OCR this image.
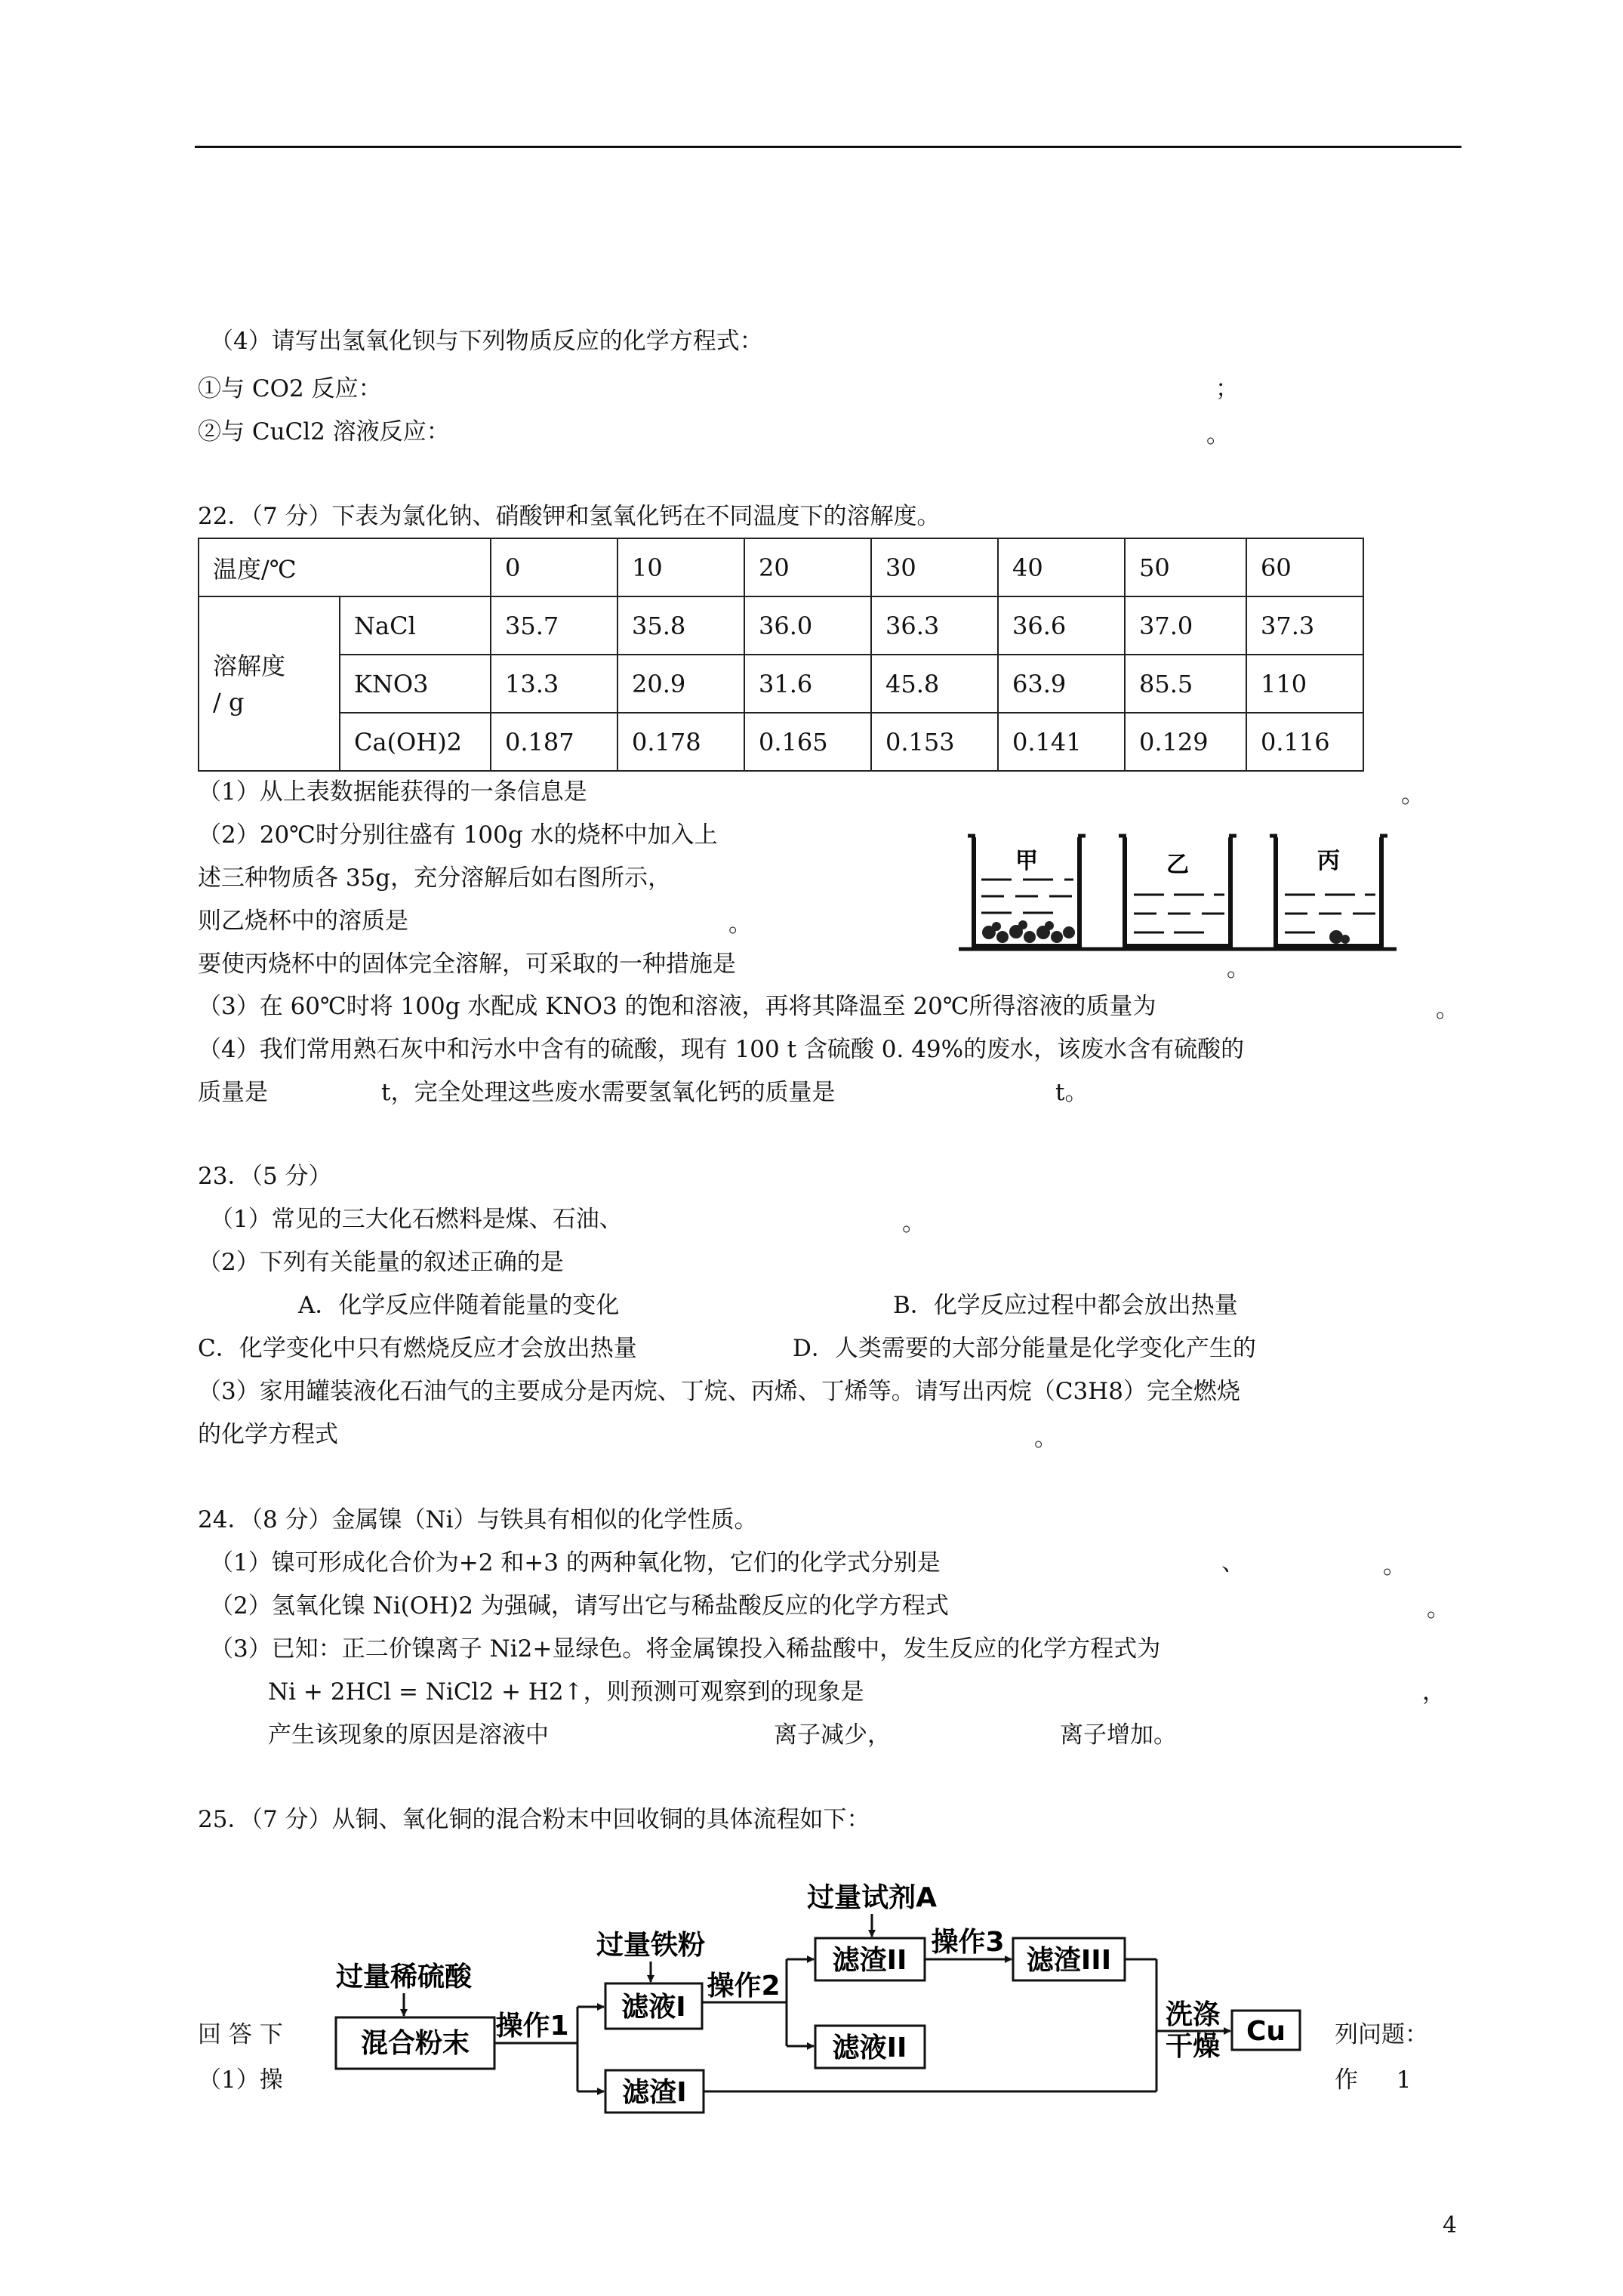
（4）请写出氢氧化钡与下列物质反应的化学方程式：
①与 CO2 反应：	；
②与 CuCl2 溶液反应：	。
22．（7 分）下表为氯化钠、硝酸钾和氢氧化钙在不同温度下的溶解度。
温度/℃		0	10	20	30	40	50	60

溶解度
/ g	NaCl	35.7	35.8	36.0	36.3	36.6	37.0	37.3
	KNO3	13.3	20.9	31.6	45.8	63.9	85.5	110
	Ca(OH)2	0.187	0.178	0.165	0.153	0.141	0.129	0.116
（1）从上表数据能获得的一条信息是	。
（2）20℃时分别往盛有 100g 水的烧杯中加入上
述三种物质各 35g，充分溶解后如右图所示，
则乙烧杯中的溶质是	。
要使丙烧杯中的固体完全溶解，可采取的一种措施是	。
甲	乙	丙
（3）在 60℃时将 100g 水配成 KNO3 的饱和溶液，再将其降温至 20℃所得溶液的质量为	。
（4）我们常用熟石灰中和污水中含有的硫酸，现有 100 t 含硫酸 0. 49%的废水，该废水含有硫酸的
质量是	t，完全处理这些废水需要氢氧化钙的质量是	t。
23．（5 分）
（1）常见的三大化石燃料是煤、石油、	。
（2）下列有关能量的叙述正确的是
A．化学反应伴随着能量的变化	B．化学反应过程中都会放出热量
C．化学变化中只有燃烧反应才会放出热量	D．人类需要的大部分能量是化学变化产生的
（3）家用罐装液化石油气的主要成分是丙烷、丁烷、丙烯、丁烯等。请写出丙烷（C3H8）完全燃烧
的化学方程式	。
24．（8 分）金属镍（Ni）与铁具有相似的化学性质。
（1）镍可形成化合价为+2 和+3 的两种氧化物，它们的化学式分别是	、	。
（2）氢氧化镍 Ni(OH)2 为强碱，请写出它与稀盐酸反应的化学方程式	。
（3）已知：正二价镍离子 Ni2+显绿色。将金属镍投入稀盐酸中，发生反应的化学方程式为
Ni + 2HCl = NiCl2 + H2↑，则预测可观察到的现象是	，
产生该现象的原因是溶液中	离子减少，	离子增加。
25．（7 分）从铜、氧化铜的混合粉末中回收铜的具体流程如下：
回 答 下
（1）操
列问题：
作 　 1
过量稀硫酸
混合粉末
操作1
过量铁粉
滤液I
操作2
滤渣I
过量试剂A
滤渣II
操作3
滤渣III
滤液II
洗涤
干燥 Cu
4
